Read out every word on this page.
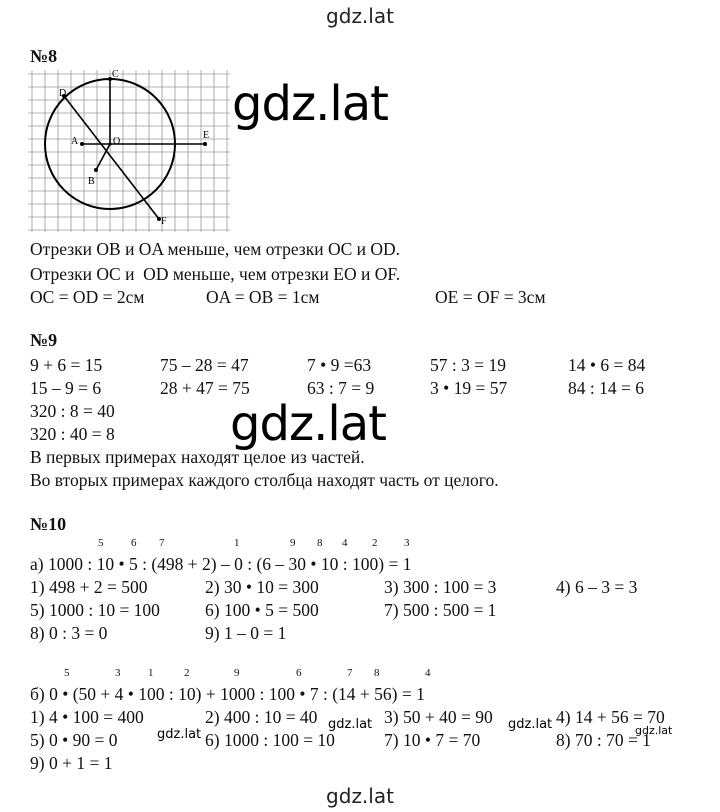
gdz.lat
gdz.lat
gdz.lat
gdz.lat
gdz.lat	gdz.lat	gdz.lat
gdz.lat
№8
C
D
A	O
E
B
F
Отрезки OB и OA меньше, чем отрезки OC и OD.
Отрезки OC и  OD меньше, чем отрезки EO и OF.
OC = OD = 2см	OA = OB = 1см	OE = OF = 3см
№9
9 + 6 = 15	75 – 28 = 47	7 • 9 =63	57 : 3 = 19	14 • 6 = 84
15 – 9 = 6	28 + 47 = 75	63 : 7 = 9	3 • 19 = 57	84 : 14 = 6
320 : 8 = 40
320 : 40 = 8
В первых примерах находят целое из частей.
Во вторых примерах каждого столбца находят часть от целого.
№10
5	6 7	1	9 8 4 2 3
а) 1000 : 10 • 5 : (498 + 2) – 0 : (6 – 30 • 10 : 100) = 1
1) 498 + 2 = 500	2) 30 • 10 = 300	3) 300 : 100 = 3	4) 6 – 3 = 3
5) 1000 : 10 = 100	6) 100 • 5 = 500	7) 500 : 500 = 1
8) 0 : 3 = 0	9) 1 – 0 = 1
5	3	1	2	9	6	7 8	4
б) 0 • (50 + 4 • 100 : 10) + 1000 : 100 • 7 : (14 + 56) = 1
1) 4 • 100 = 400	2) 400 : 10 = 40	3) 50 + 40 = 90	4) 14 + 56 = 70
5) 0 • 90 = 0	6) 1000 : 100 = 10	7) 10 • 7 = 70	8) 70 : 70 = 1
9) 0 + 1 = 1
